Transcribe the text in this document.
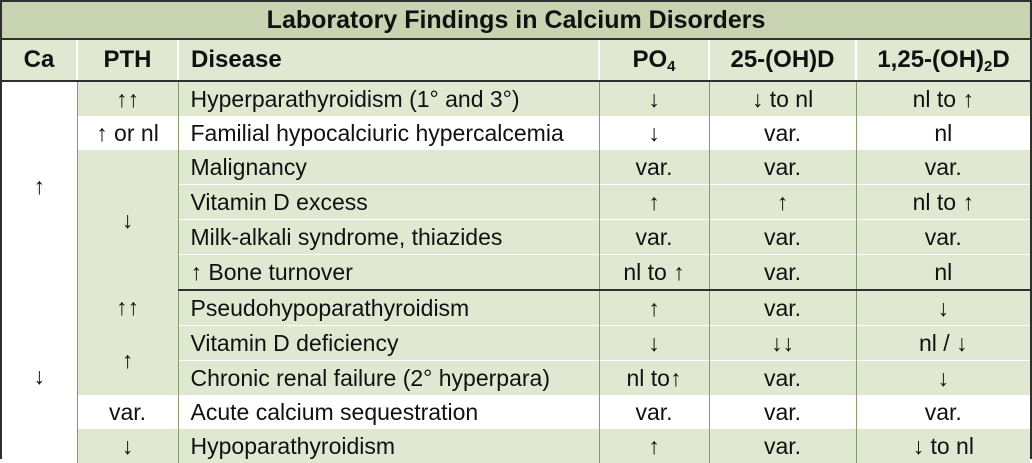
Laboratory Findings in Calcium Disorders					
Ca	PTH	Disease	$PO_4$	25-(OH)D	$1,25-(OH)_2D$
↑	↑↑	Hyperparathyroidism (1° and 3°)	↓	↓ to nl	nl to ↑
	↑ or nl	Familial hypocalciuric hypercalcemia	↓	var.	nl
	↓	Malignancy	var.	var.	var.
		Vitamin D excess	↑	↑	nl to ↑
		Milk-alkali syndrome, thiazides	var.	var.	var.
		↑ Bone turnover	nl to ↑	var.	nl
↓	↑↑	Pseudohypoparathyroidism	↑	var.	↓
	↑	Vitamin D deficiency	↓	↓↓	nl / ↓
		Chronic renal failure (2° hyperpara)	nl to↑	var.	↓
	var.	Acute calcium sequestration	var.	var.	var.
	↓	Hypoparathyroidism	↑	var.	↓ to nl
